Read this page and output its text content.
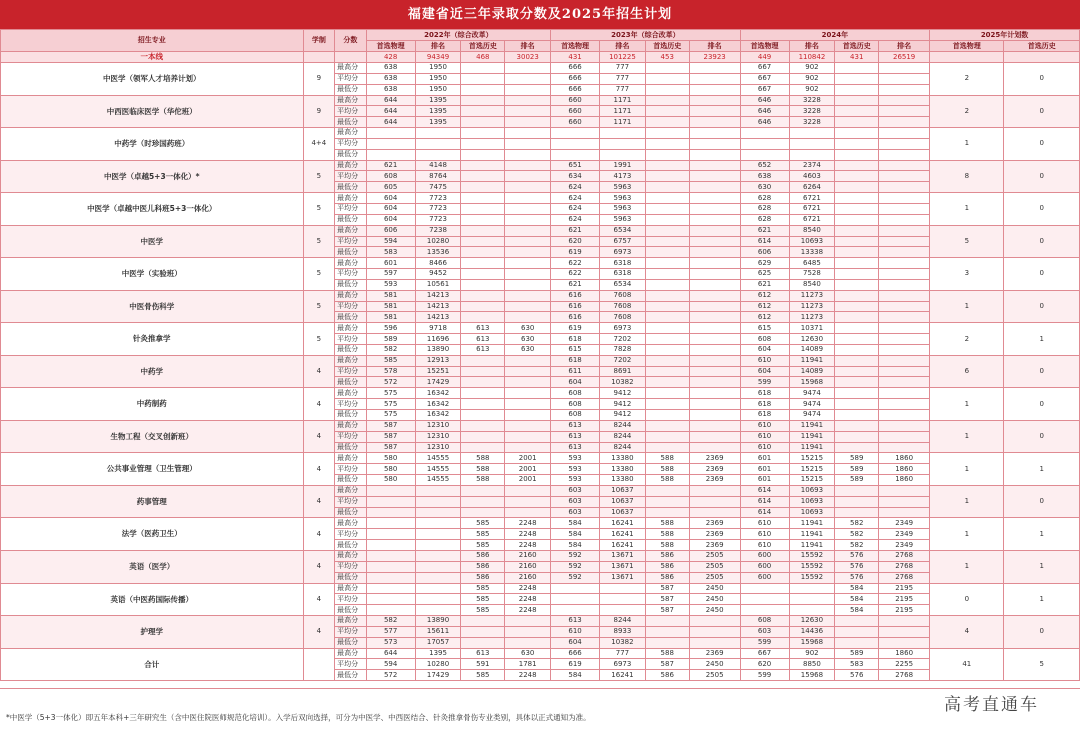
福建省近三年录取分数及2025年招生计划
招生专业	学制	分数	2022年（综合改革）				2023年（综合改革）				2024年				2025年计划数	
			首选物理	排名	首选历史	排名	首选物理	排名	首选历史	排名	首选物理	排名	首选历史	排名	首选物理	首选历史
一本线			428	94349	468	30023	431	101225	453	23923	449	110842	431	26519		
中医学（领军人才培养计划）	9	最高分	638	1950			666	777			667	902			2	0
		平均分	638	1950			666	777			667	902				
		最低分	638	1950			666	777			667	902				
中西医临床医学（华佗班）	9	最高分	644	1395			660	1171			646	3228			2	0
		平均分	644	1395			660	1171			646	3228				
		最低分	644	1395			660	1171			646	3228				
中药学（时珍国药班）	4+4	最高分													1	0
		平均分														
		最低分														
中医学（卓越5+3一体化）*	5	最高分	621	4148			651	1991			652	2374			8	0
		平均分	608	8764			634	4173			638	4603				
		最低分	605	7475			624	5963			630	6264				
中医学（卓越中医儿科班5+3一体化）	5	最高分	604	7723			624	5963			628	6721			1	0
		平均分	604	7723			624	5963			628	6721				
		最低分	604	7723			624	5963			628	6721				
中医学	5	最高分	606	7238			621	6534			621	8540			5	0
		平均分	594	10280			620	6757			614	10693				
		最低分	583	13536			619	6973			606	13338				
中医学（实验班）	5	最高分	601	8466			622	6318			629	6485			3	0
		平均分	597	9452			622	6318			625	7528				
		最低分	593	10561			621	6534			621	8540				
中医骨伤科学	5	最高分	581	14213			616	7608			612	11273			1	0
		平均分	581	14213			616	7608			612	11273				
		最低分	581	14213			616	7608			612	11273				
针灸推拿学	5	最高分	596	9718	613	630	619	6973			615	10371			2	1
		平均分	589	11696	613	630	618	7202			608	12630				
		最低分	582	13890	613	630	615	7828			604	14089				
中药学	4	最高分	585	12913			618	7202			610	11941			6	0
		平均分	578	15251			611	8691			604	14089				
		最低分	572	17429			604	10382			599	15968				
中药制药	4	最高分	575	16342			608	9412			618	9474			1	0
		平均分	575	16342			608	9412			618	9474				
		最低分	575	16342			608	9412			618	9474				
生物工程（交叉创新班）	4	最高分	587	12310			613	8244			610	11941			1	0
		平均分	587	12310			613	8244			610	11941				
		最低分	587	12310			613	8244			610	11941				
公共事业管理（卫生管理）	4	最高分	580	14555	588	2001	593	13380	588	2369	601	15215	589	1860	1	1
		平均分	580	14555	588	2001	593	13380	588	2369	601	15215	589	1860		
		最低分	580	14555	588	2001	593	13380	588	2369	601	15215	589	1860		
药事管理	4	最高分					603	10637			614	10693			1	0
		平均分					603	10637			614	10693				
		最低分					603	10637			614	10693				
法学（医药卫生）	4	最高分			585	2248	584	16241	588	2369	610	11941	582	2349	1	1
		平均分			585	2248	584	16241	588	2369	610	11941	582	2349		
		最低分			585	2248	584	16241	588	2369	610	11941	582	2349		
英语（医学）	4	最高分			586	2160	592	13671	586	2505	600	15592	576	2768	1	1
		平均分			586	2160	592	13671	586	2505	600	15592	576	2768		
		最低分			586	2160	592	13671	586	2505	600	15592	576	2768		
英语（中医药国际传播）	4	最高分			585	2248			587	2450			584	2195	0	1
		平均分			585	2248			587	2450			584	2195		
		最低分			585	2248			587	2450			584	2195		
护理学	4	最高分	582	13890			613	8244			608	12630			4	0
		平均分	577	15611			610	8933			603	14436				
		最低分	573	17057			604	10382			599	15968				
合计		最高分	644	1395	613	630	666	777	588	2369	667	902	589	1860	41	5
		平均分	594	10280	591	1781	619	6973	587	2450	620	8850	583	2255		
		最低分	572	17429	585	2248	584	16241	586	2505	599	15968	576	2768		
高考直通车
*中医学（5+3一体化）即五年本科+三年研究生（含中医住院医师规范化培训）。入学后双向选择，可分为中医学、中西医结合、针灸推拿骨伤专业类别，具体以正式通知为准。
